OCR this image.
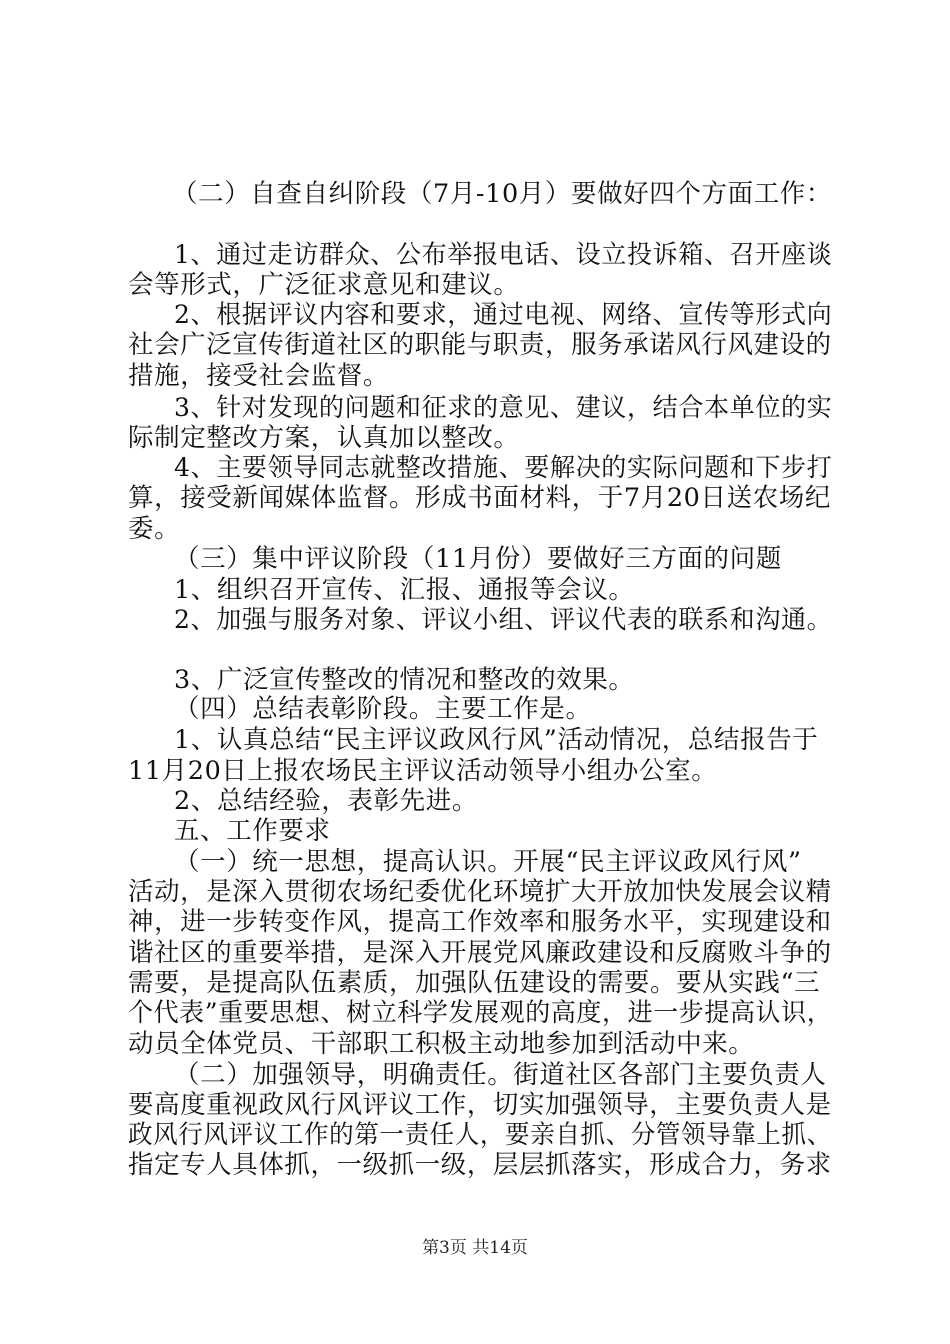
（二）自查自纠阶段（7月-10月）要做好四个方面工作：
1、通过走访群众、公布举报电话、设立投诉箱、召开座谈
会等形式，广泛征求意见和建议。
2、根据评议内容和要求，通过电视、网络、宣传等形式向
社会广泛宣传街道社区的职能与职责，服务承诺风行风建设的
措施，接受社会监督。
3、针对发现的问题和征求的意见、建议，结合本单位的实
际制定整改方案，认真加以整改。
4、主要领导同志就整改措施、要解决的实际问题和下步打
算，接受新闻媒体监督。形成书面材料，于7月20日送农场纪
委。
（三）集中评议阶段（11月份）要做好三方面的问题
1、组织召开宣传、汇报、通报等会议。
2、加强与服务对象、评议小组、评议代表的联系和沟通。
3、广泛宣传整改的情况和整改的效果。
（四）总结表彰阶段。主要工作是。
1、认真总结“民主评议政风行风”活动情况，总结报告于
11月20日上报农场民主评议活动领导小组办公室。
2、总结经验，表彰先进。
五、工作要求
（一）统一思想，提高认识。开展“民主评议政风行风”
活动，是深入贯彻农场纪委优化环境扩大开放加快发展会议精
神，进一步转变作风，提高工作效率和服务水平，实现建设和
谐社区的重要举措，是深入开展党风廉政建设和反腐败斗争的
需要，是提高队伍素质，加强队伍建设的需要。要从实践“三
个代表”重要思想、树立科学发展观的高度，进一步提高认识，
动员全体党员、干部职工积极主动地参加到活动中来。
（二）加强领导，明确责任。街道社区各部门主要负责人
要高度重视政风行风评议工作，切实加强领导，主要负责人是
政风行风评议工作的第一责任人，要亲自抓、分管领导靠上抓、
指定专人具体抓，一级抓一级，层层抓落实，形成合力，务求
第3页 共14页
